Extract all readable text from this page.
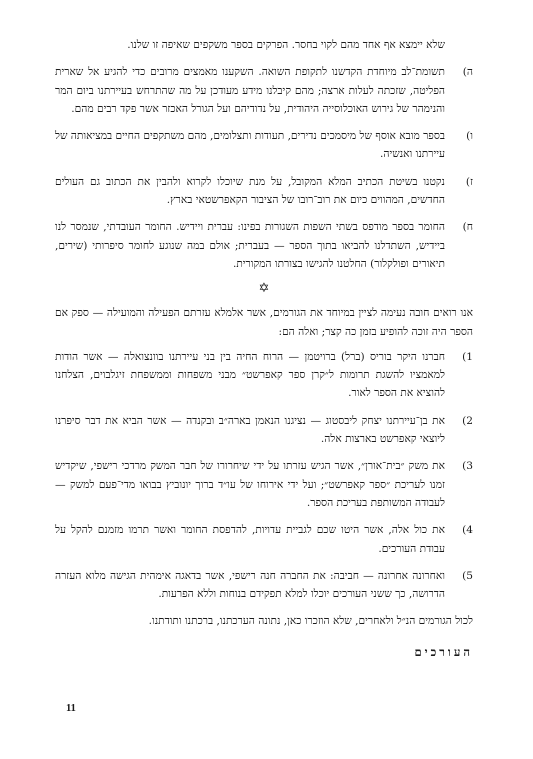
שלא יימצא אף אחד מהם לקוי בחסר. הפרקים בספר משקפים שאיפה זו שלנו.

ה)
תשומת־לב מיוחדת הקדשנו לתקופת השואה. השקענו מאמצים מרובים כדי להגיע אל שארית הפליטה, שזכתה לעלות ארצה; מהם קיבלנו מידע מעודכן על מה שהתרחש בעיירתנו ביום המר והנימהר של גירוש האוכלוסייה היהודית, על נדודיהם ועל הגורל האכזר אשר פקד רבים מהם.
ו)
בספר מובא אוסף של מיסמכים נדירים, תעודות ותצלומים, מהם משתקפים החיים במציאותה של עיירתנו ואנשיה.
ז)
נקטנו בשיטת הכתיב המלא המקובל, על מנת שיוכלו לקרוא ולהבין את הכתוב גם העולים החדשים, המהווים כיום את רוב־רובו של הציבור הקאפרשטאי בארץ.
ח)
החומר בספר מודפס בשתי השפות השגורות בפינו: עברית ויידיש. החומר העובדתי, שנמסר לנו ביידיש, השתדלנו להביאו בתוך הספר — בעברית; אולם במה שנוגע לחומר סיפרותי (שירים, תיאורים ופולקלור) החלטנו להגישו בצורתו המקורית.
✡

אנו רואים חובה נעימה לציין במיוחד את הגורמים, אשר אלמלא עזרתם הפעילה והמועילה — ספק אם הספר היה זוכה להופיע בזמן כה קצר; ואלה הם:

1)
חברנו היקר בוריס (ברל) ברויטמן — הרוח החיה בין בני עיירתנו בוונצואלה — אשר הודות למאמציו להשגת תרומות ל״קרן ספר קאפרשט״ מבני משפחות וממשפחת זיגלבוים, הצלחנו להוציא את הספר לאור.
2)
את בן־עיירתנו יצחק ליבסטוג — נציגנו הנאמן בארה״ב ובקנדה — אשר הביא את דבר סיפרנו ליוצאי קאפרשט בארצות אלה.
3)
את משק ״בית־אורן״, אשר הגיש עזרתו על ידי שיחרורו של חבר המשק מרדכי רישפי, שיקדיש זמנו לעריכת ״ספר קאפרשט״; ועל ידי אירוחו של עו״ד ברוך יונוביץ בבואו מדי־פעם למשק — לעבודה המשותפת בעריכת הספר.
4)
את כול אלה, אשר היטו שכם לגביית עדויות, להדפסת החומר ואשר תרמו מזמנם להקל על עבודת העורכים.
5)
ואחרונה אחרונה — חביבה: את החברה חנה רישפי, אשר בדאגה אימהית הגישה מלוא העזרה הדרושה, כך ששני העורכים יוכלו למלא תפקידם בנוחות וללא הפרעות.

לכול הגורמים הנ״ל ולאחרים, שלא הוזכרו כאן, נתונה הערכתנו, ברכתנו ותודתנו.

העורכים
11
